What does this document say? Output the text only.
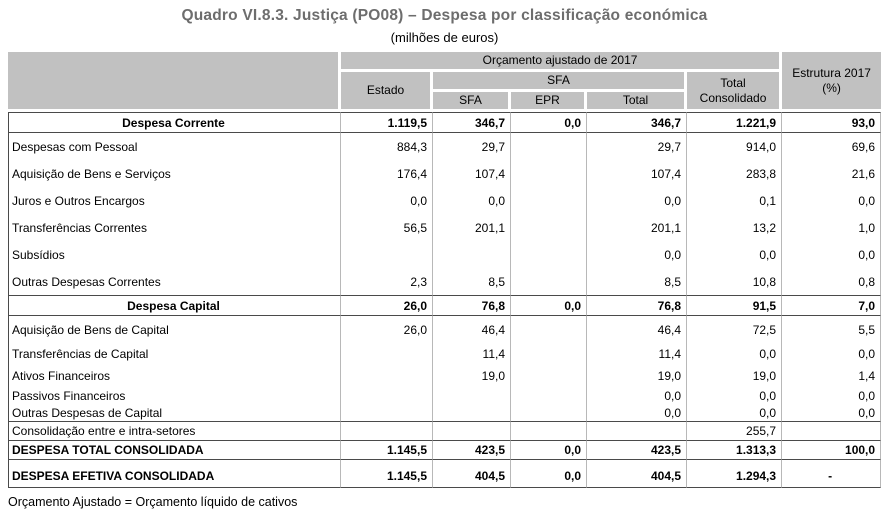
Quadro VI.8.3. Justiça (PO08) – Despesa por classificação económica
(milhões de euros)
	Orçamento ajustado de 2017					Estrutura 2017 (%)
	Estado	SFA			Total Consolidado	
		SFA	EPR	Total		
Despesa Corrente	1.119,5	346,7	0,0	346,7	1.221,9	93,0
Despesas com Pessoal	884,3	29,7		29,7	914,0	69,6
Aquisição de Bens e Serviços	176,4	107,4		107,4	283,8	21,6
Juros e Outros Encargos	0,0	0,0		0,0	0,1	0,0
Transferências Correntes	56,5	201,1		201,1	13,2	1,0
Subsídios				0,0	0,0	0,0
Outras Despesas Correntes	2,3	8,5		8,5	10,8	0,8
Despesa Capital	26,0	76,8	0,0	76,8	91,5	7,0
Aquisição de Bens de Capital	26,0	46,4		46,4	72,5	5,5
Transferências de Capital		11,4		11,4	0,0	0,0
Ativos Financeiros		19,0		19,0	19,0	1,4
Passivos Financeiros				0,0	0,0	0,0
Outras Despesas de Capital				0,0	0,0	0,0
Consolidação entre e intra-setores					255,7	
DESPESA TOTAL CONSOLIDADA	1.145,5	423,5	0,0	423,5	1.313,3	100,0
DESPESA EFETIVA CONSOLIDADA	1.145,5	404,5	0,0	404,5	1.294,3	-
Orçamento Ajustado = Orçamento líquido de cativos
